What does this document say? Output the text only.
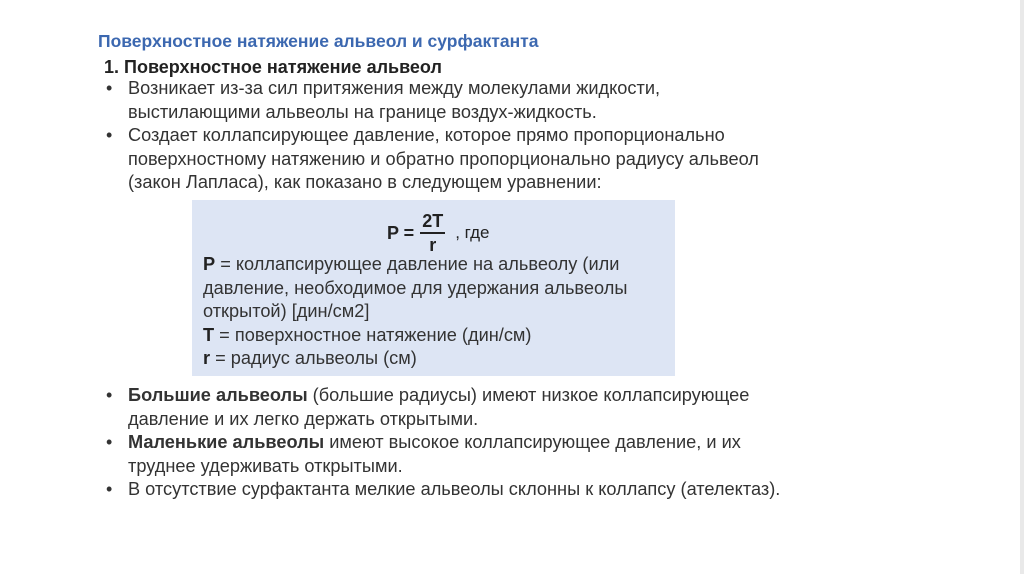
Поверхностное натяжение альвеол и сурфактанта
1. Поверхностное натяжение альвеол
• Возникает из-за сил притяжения между молекулами жидкости, выстилающими альвеолы на границе воздух-жидкость.
• Создает коллапсирующее давление, которое прямо пропорционально поверхностному натяжению и обратно пропорционально радиусу альвеол (закон Лапласа), как показано в следующем уравнении:
$P = \frac{2T}{r}$ , где
P = коллапсирующее давление на альвеолу (или давление, необходимое для удержания альвеолы открытой) [дин/см2]
T = поверхностное натяжение (дин/см)
r = радиус альвеолы (см)
• Большие альвеолы (большие радиусы) имеют низкое коллапсирующее давление и их легко держать открытыми.
• Маленькие альвеолы имеют высокое коллапсирующее давление, и их труднее удерживать открытыми.
• В отсутствие сурфактанта мелкие альвеолы склонны к коллапсу (ателектаз).
